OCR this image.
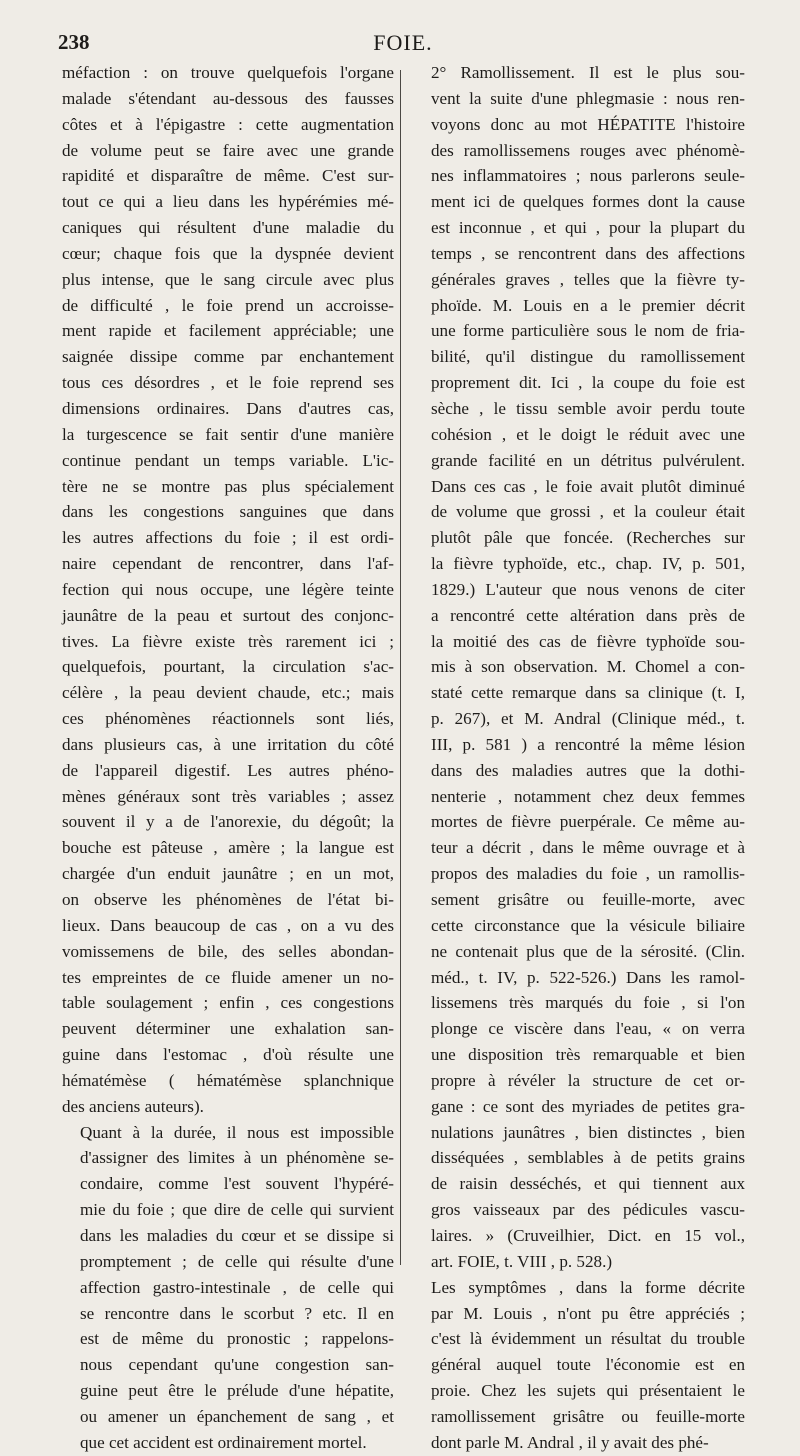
238	FOIE.

méfaction : on trouve quelquefois l'organe
malade s'étendant au-dessous des fausses
côtes et à l'épigastre : cette augmentation
de volume peut se faire avec une grande
rapidité et disparaître de même. C'est sur-
tout ce qui a lieu dans les hypérémies mé-
caniques qui résultent d'une maladie du
cœur; chaque fois que la dyspnée devient
plus intense, que le sang circule avec plus
de difficulté , le foie prend un accroisse-
ment rapide et facilement appréciable; une
saignée dissipe comme par enchantement
tous ces désordres , et le foie reprend ses
dimensions ordinaires. Dans d'autres cas,
la turgescence se fait sentir d'une manière
continue pendant un temps variable. L'ic-
tère ne se montre pas plus spécialement
dans les congestions sanguines que dans
les autres affections du foie ; il est ordi-
naire cependant de rencontrer, dans l'af-
fection qui nous occupe, une légère teinte
jaunâtre de la peau et surtout des conjonc-
tives. La fièvre existe très rarement ici ;
quelquefois, pourtant, la circulation s'ac-
célère , la peau devient chaude, etc.; mais
ces phénomènes réactionnels sont liés,
dans plusieurs cas, à une irritation du côté
de l'appareil digestif. Les autres phéno-
mènes généraux sont très variables ; assez
souvent il y a de l'anorexie, du dégoût; la
bouche est pâteuse , amère ; la langue est
chargée d'un enduit jaunâtre ; en un mot,
on observe les phénomènes de l'état bi-
lieux. Dans beaucoup de cas , on a vu des
vomissemens de bile, des selles abondan-
tes empreintes de ce fluide amener un no-
table soulagement ; enfin , ces congestions
peuvent déterminer une exhalation san-
guine dans l'estomac , d'où résulte une
hématémèse ( hématémèse splanchnique
des anciens auteurs).

Quant à la durée, il nous est impossible
d'assigner des limites à un phénomène se-
condaire, comme l'est souvent l'hypéré-
mie du foie ; que dire de celle qui survient
dans les maladies du cœur et se dissipe si
promptement ; de celle qui résulte d'une
affection gastro-intestinale , de celle qui
se rencontre dans le scorbut ? etc. Il en
est de même du pronostic ; rappelons-
nous cependant qu'une congestion san-
guine peut être le prélude d'une hépatite,
ou amener un épanchement de sang , et
que cet accident est ordinairement mortel.

2° Ramollissement. Il est le plus sou-
vent la suite d'une phlegmasie : nous ren-
voyons donc au mot HÉPATITE l'histoire
des ramollissemens rouges avec phénomè-
nes inflammatoires ; nous parlerons seule-
ment ici de quelques formes dont la cause
est inconnue , et qui , pour la plupart du
temps , se rencontrent dans des affections
générales graves , telles que la fièvre ty-
phoïde. M. Louis en a le premier décrit
une forme particulière sous le nom de fria-
bilité, qu'il distingue du ramollissement
proprement dit. Ici , la coupe du foie est
sèche , le tissu semble avoir perdu toute
cohésion , et le doigt le réduit avec une
grande facilité en un détritus pulvérulent.
Dans ces cas , le foie avait plutôt diminué
de volume que grossi , et la couleur était
plutôt pâle que foncée. (Recherches sur
la fièvre typhoïde, etc., chap. IV, p. 501,
1829.) L'auteur que nous venons de citer
a rencontré cette altération dans près de
la moitié des cas de fièvre typhoïde sou-
mis à son observation. M. Chomel a con-
staté cette remarque dans sa clinique (t. I,
p. 267), et M. Andral (Clinique méd., t.
III, p. 581 ) a rencontré la même lésion
dans des maladies autres que la dothi-
nenterie , notamment chez deux femmes
mortes de fièvre puerpérale. Ce même au-
teur a décrit , dans le même ouvrage et à
propos des maladies du foie , un ramollis-
sement grisâtre ou feuille-morte, avec
cette circonstance que la vésicule biliaire
ne contenait plus que de la sérosité. (Clin.
méd., t. IV, p. 522-526.) Dans les ramol-
lissemens très marqués du foie , si l'on
plonge ce viscère dans l'eau, « on verra
une disposition très remarquable et bien
propre à révéler la structure de cet or-
gane : ce sont des myriades de petites gra-
nulations jaunâtres , bien distinctes , bien
disséquées , semblables à de petits grains
de raisin desséchés, et qui tiennent aux
gros vaisseaux par des pédicules vascu-
laires. » (Cruveilhier, Dict. en 15 vol.,
art. FOIE, t. VIII , p. 528.)

Les symptômes , dans la forme décrite
par M. Louis , n'ont pu être appréciés ;
c'est là évidemment un résultat du trouble
général auquel toute l'économie est en
proie. Chez les sujets qui présentaient le
ramollissement grisâtre ou feuille-morte
dont parle M. Andral , il y avait des phé-
